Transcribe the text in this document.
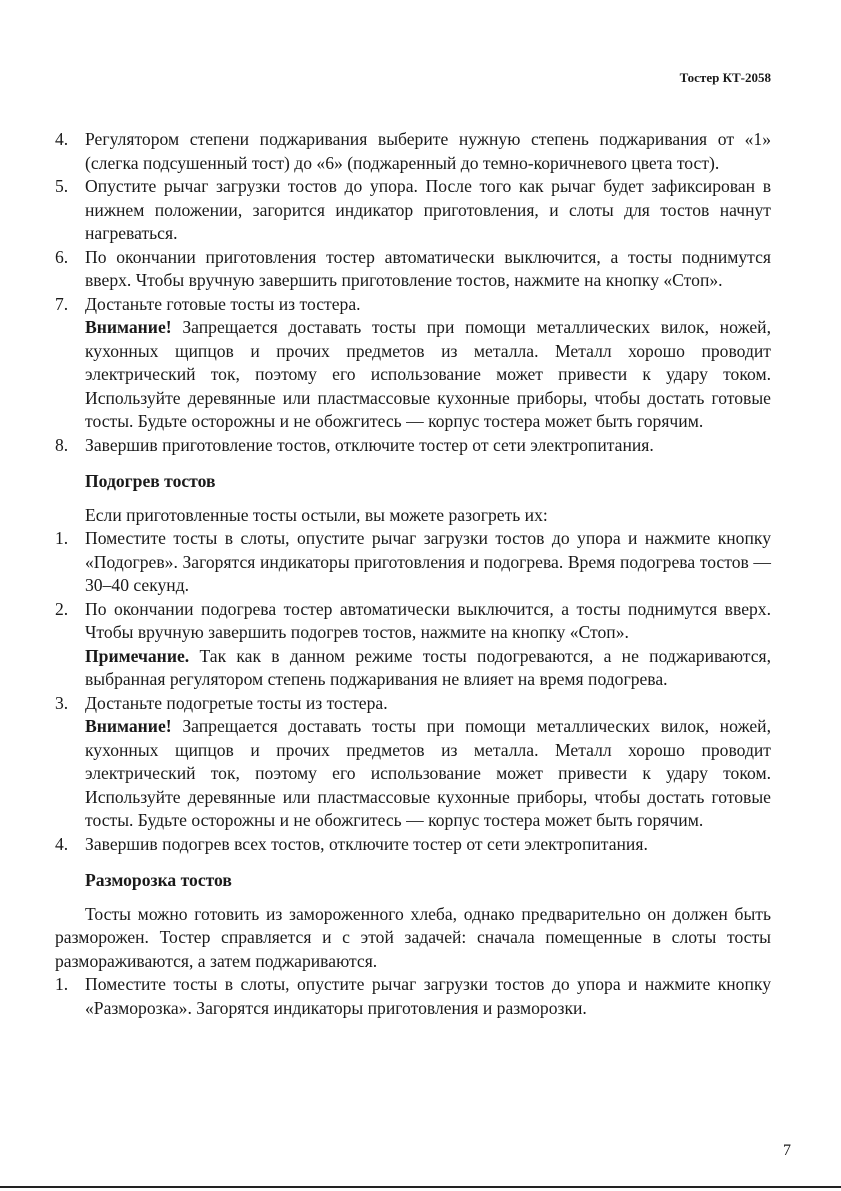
Тостер КТ-2058

4. Регулятором степени поджаривания выберите нужную степень поджаривания от «1» (слегка подсушенный тост) до «6» (поджаренный до темно-коричневого цвета тост).

5. Опустите рычаг загрузки тостов до упора. После того как рычаг будет зафиксирован в нижнем положении, загорится индикатор приготовления, и слоты для тостов начнут нагреваться.

6. По окончании приготовления тостер автоматически выключится, а тосты поднимутся вверх. Чтобы вручную завершить приготовление тостов, нажмите на кнопку «Стоп».

7. Достаньте готовые тосты из тостера.

Внимание! Запрещается доставать тосты при помощи металлических вилок, ножей, кухонных щипцов и прочих предметов из металла. Металл хорошо проводит электрический ток, поэтому его использование может привести к удару током. Используйте деревянные или пластмассовые кухонные приборы, чтобы достать готовые тосты. Будьте осторожны и не обожгитесь — корпус тостера может быть горячим.

8. Завершив приготовление тостов, отключите тостер от сети электропитания.

Подогрев тостов

Если приготовленные тосты остыли, вы можете разогреть их:

1. Поместите тосты в слоты, опустите рычаг загрузки тостов до упора и нажмите кнопку «Подогрев». Загорятся индикаторы приготовления и подогрева. Время подогрева тостов — 30–40 секунд.

2. По окончании подогрева тостер автоматически выключится, а тосты поднимутся вверх. Чтобы вручную завершить подогрев тостов, нажмите на кнопку «Стоп».

Примечание. Так как в данном режиме тосты подогреваются, а не поджариваются, выбранная регулятором степень поджаривания не влияет на время подогрева.

3. Достаньте подогретые тосты из тостера.

Внимание! Запрещается доставать тосты при помощи металлических вилок, ножей, кухонных щипцов и прочих предметов из металла. Металл хорошо проводит электрический ток, поэтому его использование может привести к удару током. Используйте деревянные или пластмассовые кухонные приборы, чтобы достать готовые тосты. Будьте осторожны и не обожгитесь — корпус тостера может быть горячим.

4. Завершив подогрев всех тостов, отключите тостер от сети электропитания.

Разморозка тостов

Тосты можно готовить из замороженного хлеба, однако предварительно он должен быть разморожен. Тостер справляется и с этой задачей: сначала помещенные в слоты тосты размораживаются, а затем поджариваются.

1. Поместите тосты в слоты, опустите рычаг загрузки тостов до упора и нажмите кнопку «Разморозка». Загорятся индикаторы приготовления и разморозки.

7
